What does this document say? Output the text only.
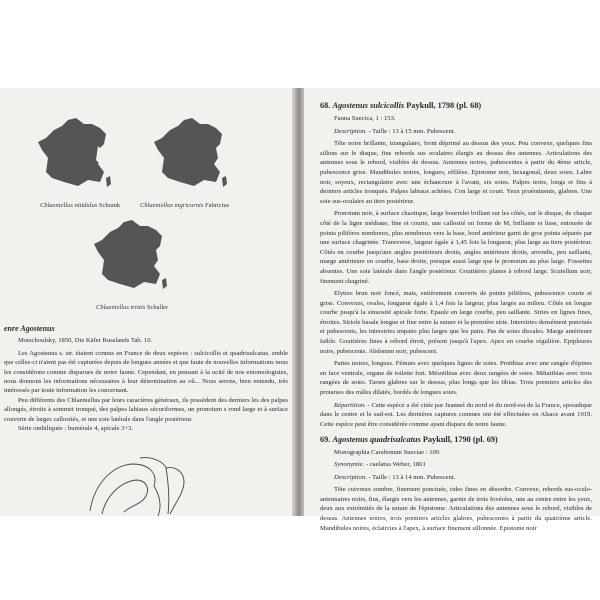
Chlaeniellus nitidulus Schrank	Chlaeniellus nigricornis Fabricius
Chlaeniellus tristis Schaller

enre Agostenus

Motschoulsky, 1850, Die Käfer Russlands Tab. 10.

Les Agostenus s. str. étaient connus en France de deux espèces : sulcicollis et quadrisulcatus. emble que celles-ci n'aient pas été capturées depuis de longues années et que faute de nouvelles informations nous les considérons comme disparues de notre faune. Cependant, en pensant à la ucité de nos entomologistes, nous donnons les informations nécessaires à leur détermination au oû... Nous serons, bien entendu, très intéressés par toute information les concernant.

Peu différents des Chlaeniellus par leurs caractères généraux, ils possèdent des derniers les des palpes allongés, étroits à sommet tronqué, des palpes labiaux sécuriformes, un pronotum s rond large et à surface couverte de larges callosités, et une soie latérale dans l'angle postérieur.

Série ombiliquée : humérale 4, apicale 3+3.

68. Agostenus sulcicollis Paykull, 1798 (pl. 68)

Fauna Suecica, 1 : 153.

Description. - Taille : 13 à 15 mm. Pubescent.

Tête noire brillante, triangulaire, front déprimé au dessus des yeux. Peu convexe, quelques fins sillons sur le disque, fins rebords sus oculaires élargis au dessus des antennes. Articulations des antennes sous le rebord, visibles de dessus. Antennes noires, pubescentes à partir du 4ème article, pubescence grise. Mandibules noires, longues, effilées. Epistome noir, hexagonal, deux soies. Labre noir, soyeux, rectangulaire avec une échancrure à l'avant, six soies. Palpes noirs, longs et fins à derniers articles tronqués. Palpes labiaux achètes. Con large et court. Yeux proéminents, glabres. Une soie sus-oculaire au tiers postérieur.

Pronotum noir, à surface chaotique, large bourrelet brillant sur les côtés, sur le disque, de chaque côté de la ligne médiane, fine et courte, une callosité en forme de M, brillante et lisse, entourée de points pilifères nombreux, plus nombreux vers la base, bord antérieur garni de gros points séparés par une surface chagrinée. Transverse, largeur égale à 1,45 fois la longueur, plus large au tiers postérieur. Côtés en courbe jusqu'aux angles postérieurs droits, angles antérieurs droits, arrondis, peu saillants, marge antérieure en courbe, base droite, presque aussi large que le pronotum au plus large. Fossettes absentes. Une soie latérale dans l'angle postérieur. Gouttières planes à rebord large. Scutellum noir, finement chagriné.

Elytres brun noir foncé, mats, entièrement couverts de points pilifères, pubescence courte et grise. Convexes, ovales, longueur égale à 1,4 fois la largeur, plus larges au milieu. Côtés en longue courbe jusqu'à la sinuosité apicale forte. Epaule en large courbe, peu saillante. Stries en lignes fines, étroites. Striole basale longue et fine entre la suture et la première strie. Interstries densément ponctués et pubescents, les interstries impairs plus larges que les pairs. Pas de soies discales. Marge antérieure faible. Gouttières fines à rebord étroit, présent jusqu'à l'apex. Apex en courbe régulière. Epipleures noirs, pubescents. Abdomen noir, pubescent.

Pattes noires, longues. Fémurs avec quelques lignes de soies. Protibias avec une rangée d'épines en face ventrale, organe de toilette fort. Mésotibias avec deux rangées de soies. Métatibias avec trois rangées de soies. Tarses glabres sur le dessus, plus longs que les tibias. Trois premiers articles des protarses des mâles dilatés, bordés de longues soies.

Répartition. - Cette espèce a été citée par Jeannel du nord et du nord-est de la France, sporadique dans le centre et le sud-est. Les dernières captures connues ont été effectuées en Alsace avant 1919. Cette espèce peut être considérée comme ayant disparu de notre faune.

69. Agostenus quadrisulcatus Paykull, 1790 (pl. 69)

Monographia Carabonum Sueciae : 109.

Synonymie. - caelatus Weber, 1801

Description. - Taille : 13 à 14 mm. Pubescent.

Tête cuivreux sombre, finement ponctuée, rides fines en désordre. Convexe, rebords sus-oculo-antennaires noirs, fins, élargis vers les antennes, garnie de trois fovéoles, une au centre entre les yeux, deux aux extrémités de la suture de l'épistome. Articulations des antennes sous le rebord, visibles de dessus. Antennes noires, trois premiers articles glabres, pubescentes à partir du quatrième article. Mandibules noires, éclaircies à l'apex, à surface finement sillonnée. Epistome noir
